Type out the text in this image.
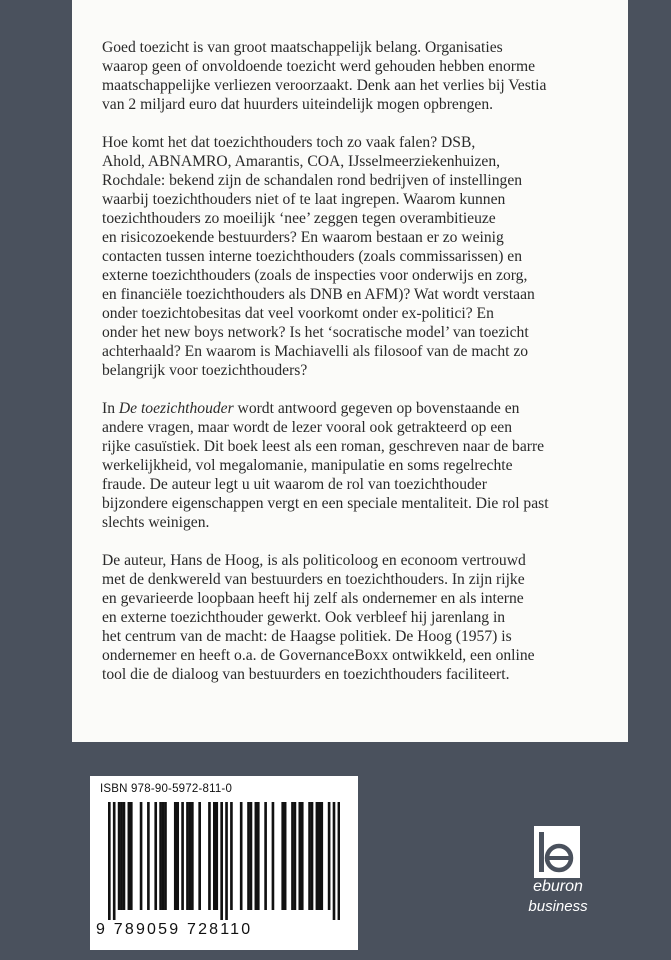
Goed toezicht is van groot maatschappelijk belang. Organisaties
waarop geen of onvoldoende toezicht werd gehouden hebben enorme
maatschappelijke verliezen veroorzaakt. Denk aan het verlies bij Vestia
van 2 miljard euro dat huurders uiteindelijk mogen opbrengen.

Hoe komt het dat toezichthouders toch zo vaak falen? DSB,
Ahold, ABNAMRO, Amarantis, COA, IJsselmeerziekenhuizen,
Rochdale: bekend zijn de schandalen rond bedrijven of instellingen
waarbij toezichthouders niet of te laat ingrepen. Waarom kunnen
toezichthouders zo moeilijk ‘nee’ zeggen tegen overambitieuze
en risicozoekende bestuurders? En waarom bestaan er zo weinig
contacten tussen interne toezichthouders (zoals commissarissen) en
externe toezichthouders (zoals de inspecties voor onderwijs en zorg,
en financiële toezichthouders als DNB en AFM)? Wat wordt verstaan
onder toezichtobesitas dat veel voorkomt onder ex-politici? En
onder het new boys network? Is het ‘socratische model’ van toezicht
achterhaald? En waarom is Machiavelli als filosoof van de macht zo
belangrijk voor toezichthouders?

In De toezichthouder wordt antwoord gegeven op bovenstaande en
andere vragen, maar wordt de lezer vooral ook getrakteerd op een
rijke casuïstiek. Dit boek leest als een roman, geschreven naar de barre
werkelijkheid, vol megalomanie, manipulatie en soms regelrechte
fraude. De auteur legt u uit waarom de rol van toezichthouder
bijzondere eigenschappen vergt en een speciale mentaliteit. Die rol past
slechts weinigen.

De auteur, Hans de Hoog, is als politicoloog en econoom vertrouwd
met de denkwereld van bestuurders en toezichthouders. In zijn rijke
en gevarieerde loopbaan heeft hij zelf als ondernemer en als interne
en externe toezichthouder gewerkt. Ook verbleef hij jarenlang in
het centrum van de macht: de Haagse politiek. De Hoog (1957) is
ondernemer en heeft o.a. de GovernanceBoxx ontwikkeld, een online
tool die de dialoog van bestuurders en toezichthouders faciliteert.

ISBN 978-90-5972-811-0
9 789059 728110
eburon
business
